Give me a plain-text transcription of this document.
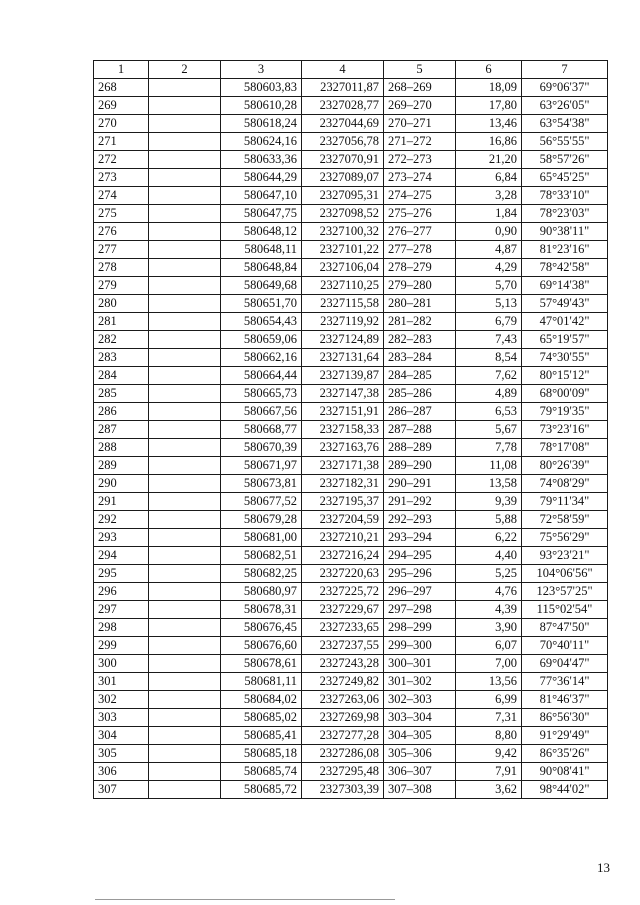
1	2	3	4	5	6	7
268		580603,83	2327011,87	268–269	18,09	69°06'37"
269		580610,28	2327028,77	269–270	17,80	63°26'05"
270		580618,24	2327044,69	270–271	13,46	63°54'38"
271		580624,16	2327056,78	271–272	16,86	56°55'55"
272		580633,36	2327070,91	272–273	21,20	58°57'26"
273		580644,29	2327089,07	273–274	6,84	65°45'25"
274		580647,10	2327095,31	274–275	3,28	78°33'10"
275		580647,75	2327098,52	275–276	1,84	78°23'03"
276		580648,12	2327100,32	276–277	0,90	90°38'11"
277		580648,11	2327101,22	277–278	4,87	81°23'16"
278		580648,84	2327106,04	278–279	4,29	78°42'58"
279		580649,68	2327110,25	279–280	5,70	69°14'38"
280		580651,70	2327115,58	280–281	5,13	57°49'43"
281		580654,43	2327119,92	281–282	6,79	47°01'42"
282		580659,06	2327124,89	282–283	7,43	65°19'57"
283		580662,16	2327131,64	283–284	8,54	74°30'55"
284		580664,44	2327139,87	284–285	7,62	80°15'12"
285		580665,73	2327147,38	285–286	4,89	68°00'09"
286		580667,56	2327151,91	286–287	6,53	79°19'35"
287		580668,77	2327158,33	287–288	5,67	73°23'16"
288		580670,39	2327163,76	288–289	7,78	78°17'08"
289		580671,97	2327171,38	289–290	11,08	80°26'39"
290		580673,81	2327182,31	290–291	13,58	74°08'29"
291		580677,52	2327195,37	291–292	9,39	79°11'34"
292		580679,28	2327204,59	292–293	5,88	72°58'59"
293		580681,00	2327210,21	293–294	6,22	75°56'29"
294		580682,51	2327216,24	294–295	4,40	93°23'21"
295		580682,25	2327220,63	295–296	5,25	104°06'56"
296		580680,97	2327225,72	296–297	4,76	123°57'25"
297		580678,31	2327229,67	297–298	4,39	115°02'54"
298		580676,45	2327233,65	298–299	3,90	87°47'50"
299		580676,60	2327237,55	299–300	6,07	70°40'11"
300		580678,61	2327243,28	300–301	7,00	69°04'47"
301		580681,11	2327249,82	301–302	13,56	77°36'14"
302		580684,02	2327263,06	302–303	6,99	81°46'37"
303		580685,02	2327269,98	303–304	7,31	86°56'30"
304		580685,41	2327277,28	304–305	8,80	91°29'49"
305		580685,18	2327286,08	305–306	9,42	86°35'26"
306		580685,74	2327295,48	306–307	7,91	90°08'41"
307		580685,72	2327303,39	307–308	3,62	98°44'02"
13
